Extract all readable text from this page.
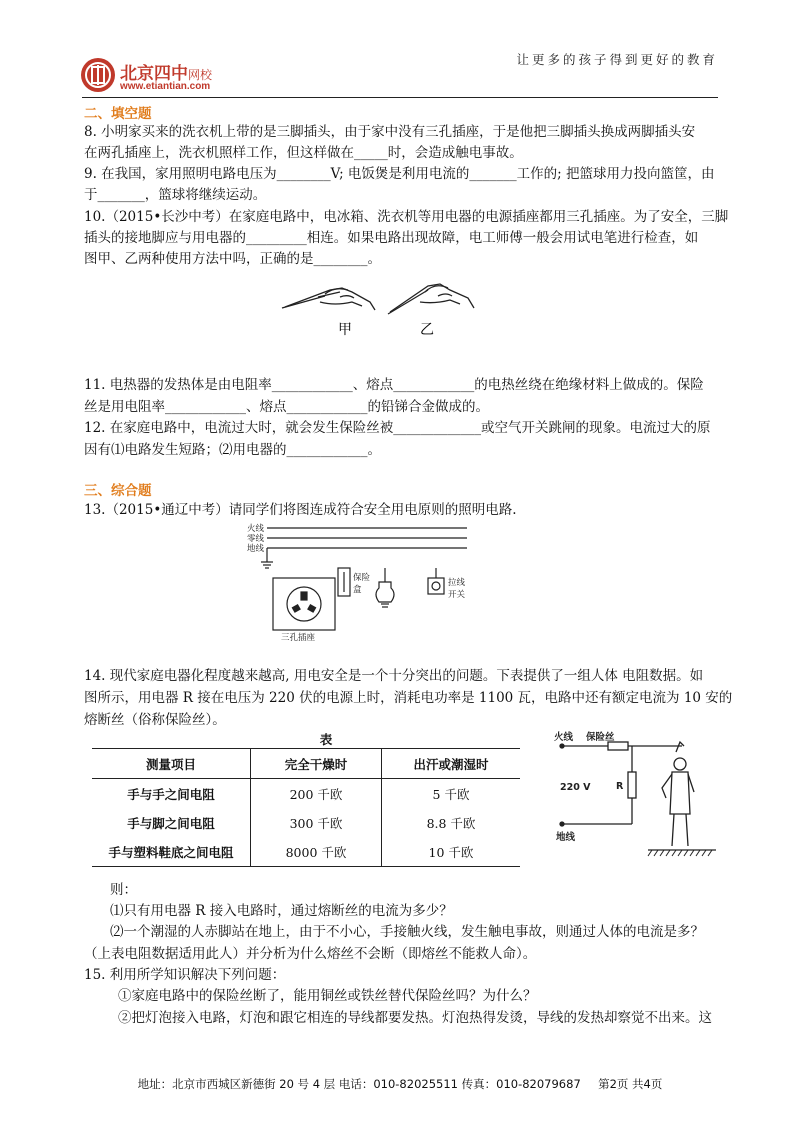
北京四中网校
www.etiantian.com
让更多的孩子得到更好的教育
二、填空题
8. 小明家买来的洗衣机上带的是三脚插头，由于家中没有三孔插座，于是他把三脚插头换成两脚插头安
在两孔插座上，洗衣机照样工作，但这样做在_____时，会造成触电事故。
9. 在我国，家用照明电路电压为________V; 电饭煲是利用电流的_______工作的; 把篮球用力投向篮筐，由
于_______，篮球将继续运动。
10.（2015•长沙中考）在家庭电路中，电冰箱、洗衣机等用电器的电源插座都用三孔插座。为了安全，三脚
插头的接地脚应与用电器的_________相连。如果电路出现故障，电工师傅一般会用试电笔进行检查，如
图甲、乙两种使用方法中吗，正确的是________。
甲	乙
11. 电热器的发热体是由电阻率____________、熔点____________的电热丝绕在绝缘材料上做成的。保险
丝是用电阻率____________、熔点____________的铅锑合金做成的。
12. 在家庭电路中，电流过大时，就会发生保险丝被_____________或空气开关跳闸的现象。电流过大的原
因有⑴电路发生短路；⑵用电器的____________。
三、综合题
13.（2015•通辽中考）请同学们将图连成符合安全用电原则的照明电路.
火线
零线
地线
保险
盒
拉线
开关
三孔插座
14. 现代家庭电器化程度越来越高, 用电安全是一个十分突出的问题。下表提供了一组人体 电阻数据。如
图所示，用电器 R 接在电压为 220 伏的电源上时，消耗电功率是 1100 瓦，电路中还有额定电流为 10 安的
熔断丝（俗称保险丝）。
表
测量项目	完全干燥时	出汗或潮湿时
手与手之间电阻	200 千欧	5 千欧
手与脚之间电阻	300 千欧	8.8 千欧
手与塑料鞋底之间电阻	8000 千欧	10 千欧
火线 保险丝
220 V	R
地线
则：
⑴只有用电器 R 接入电路时，通过熔断丝的电流为多少？
⑵一个潮湿的人赤脚站在地上，由于不小心，手接触火线，发生触电事故，则通过人体的电流是多？
（上表电阻数据适用此人）并分析为什么熔丝不会断（即熔丝不能救人命）。
15. 利用所学知识解决下列问题：
①家庭电路中的保险丝断了，能用铜丝或铁丝替代保险丝吗？为什么？
②把灯泡接入电路，灯泡和跟它相连的导线都要发热。灯泡热得发烫，导线的发热却察觉不出来。这
地址：北京市西城区新德街 20 号 4 层 电话：010-82025511 传真：010-82079687 第2页 共4页
